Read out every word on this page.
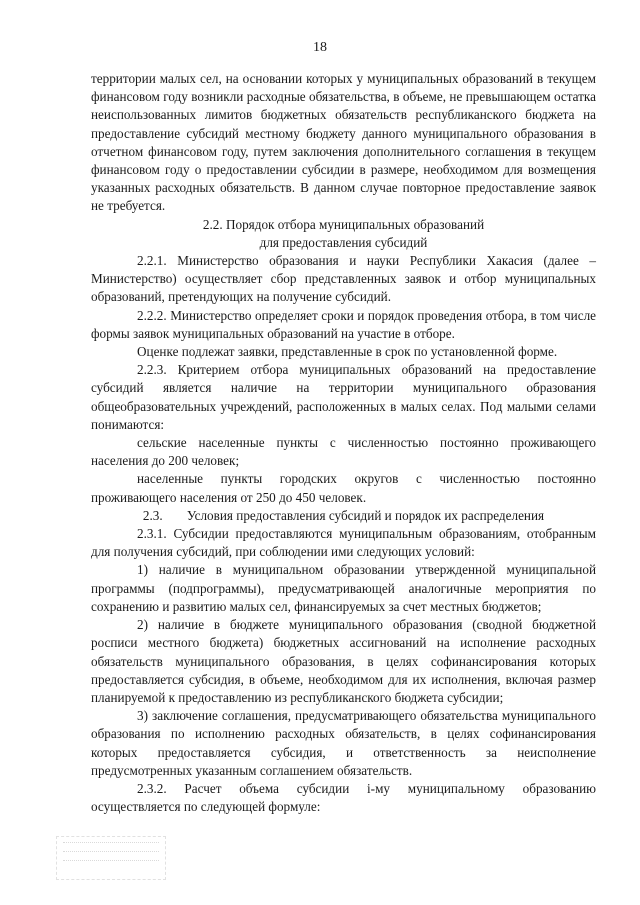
18

территории малых сел, на основании которых у муниципальных образований в текущем финансовом году возникли расходные обязательства, в объеме, не превышающем остатка неиспользованных лимитов бюджетных обязательств республиканского бюджета на предоставление субсидий местному бюджету данного муниципального образования в отчетном финансовом году, путем заключения дополнительного соглашения в текущем финансовом году о предоставлении субсидии в размере, необходимом для возмещения указанных расходных обязательств. В данном случае повторное предоставление заявок не требуется.

2.2. Порядок отбора муниципальных образований

для предоставления субсидий

2.2.1. Министерство образования и науки Республики Хакасия (далее – Министерство) осуществляет сбор представленных заявок и отбор муниципальных образований, претендующих на получение субсидий.

2.2.2. Министерство определяет сроки и порядок проведения отбора, в том числе формы заявок муниципальных образований на участие в отборе.

Оценке подлежат заявки, представленные в срок по установленной форме.

2.2.3. Критерием отбора муниципальных образований на предоставление субсидий является наличие на территории муниципального образования общеобразовательных учреждений, расположенных в малых селах. Под малыми селами понимаются:

сельские населенные пункты с численностью постоянно проживающего населения до 200 человек;

населенные пункты городских округов с численностью постоянно проживающего населения от 250 до 450 человек.

2.3. Условия предоставления субсидий и порядок их распределения

2.3.1. Субсидии предоставляются муниципальным образованиям, отобранным для получения субсидий, при соблюдении ими следующих условий:

1) наличие в муниципальном образовании утвержденной муниципальной программы (подпрограммы), предусматривающей аналогичные мероприятия по сохранению и развитию малых сел, финансируемых за счет местных бюджетов;

2) наличие в бюджете муниципального образования (сводной бюджетной росписи местного бюджета) бюджетных ассигнований на исполнение расходных обязательств муниципального образования, в целях софинансирования которых предоставляется субсидия, в объеме, необходимом для их исполнения, включая размер планируемой к предоставлению из республиканского бюджета субсидии;

3) заключение соглашения, предусматривающего обязательства муниципального образования по исполнению расходных обязательств, в целях софинансирования которых предоставляется субсидия, и ответственность за неисполнение предусмотренных указанным соглашением обязательств.

2.3.2. Расчет объема субсидии i-му муниципальному образованию осуществляется по следующей формуле:
